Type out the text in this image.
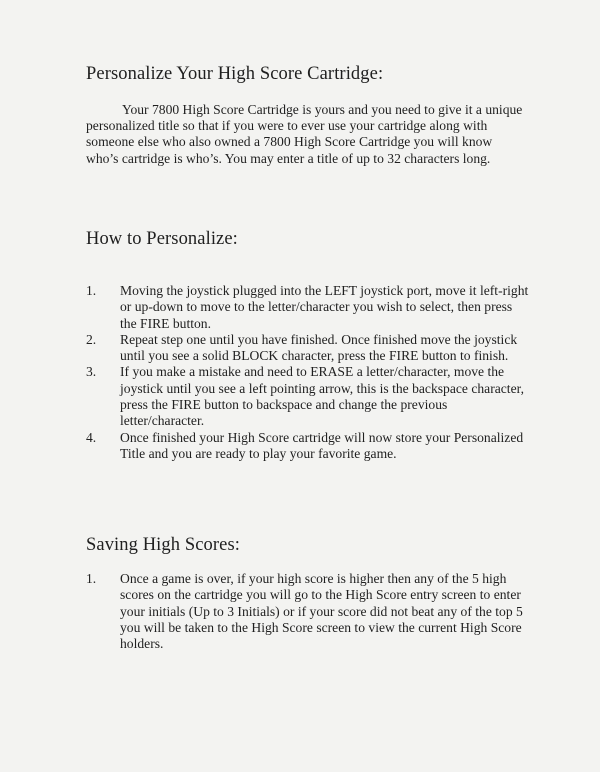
Personalize Your High Score Cartridge:

Your 7800 High Score Cartridge is yours and you need to give it a unique personalized title so that if you were to ever use your cartridge along with someone else who also owned a 7800 High Score Cartridge you will know who’s cartridge is who’s. You may enter a title of up to 32 characters long.

How to Personalize:
1. Moving the joystick plugged into the LEFT joystick port, move it left-right or up-down to move to the letter/character you wish to select, then press the FIRE button.
2. Repeat step one until you have finished. Once finished move the joystick until you see a solid BLOCK character, press the FIRE button to finish.
3. If you make a mistake and need to ERASE a letter/character, move the joystick until you see a left pointing arrow, this is the backspace character, press the FIRE button to backspace and change the previous letter/character.
4. Once finished your High Score cartridge will now store your Personalized Title and you are ready to play your favorite game.
Saving High Scores:
1. Once a game is over, if your high score is higher then any of the 5 high scores on the cartridge you will go to the High Score entry screen to enter your initials (Up to 3 Initials) or if your score did not beat any of the top 5 you will be taken to the High Score screen to view the current High Score holders.
